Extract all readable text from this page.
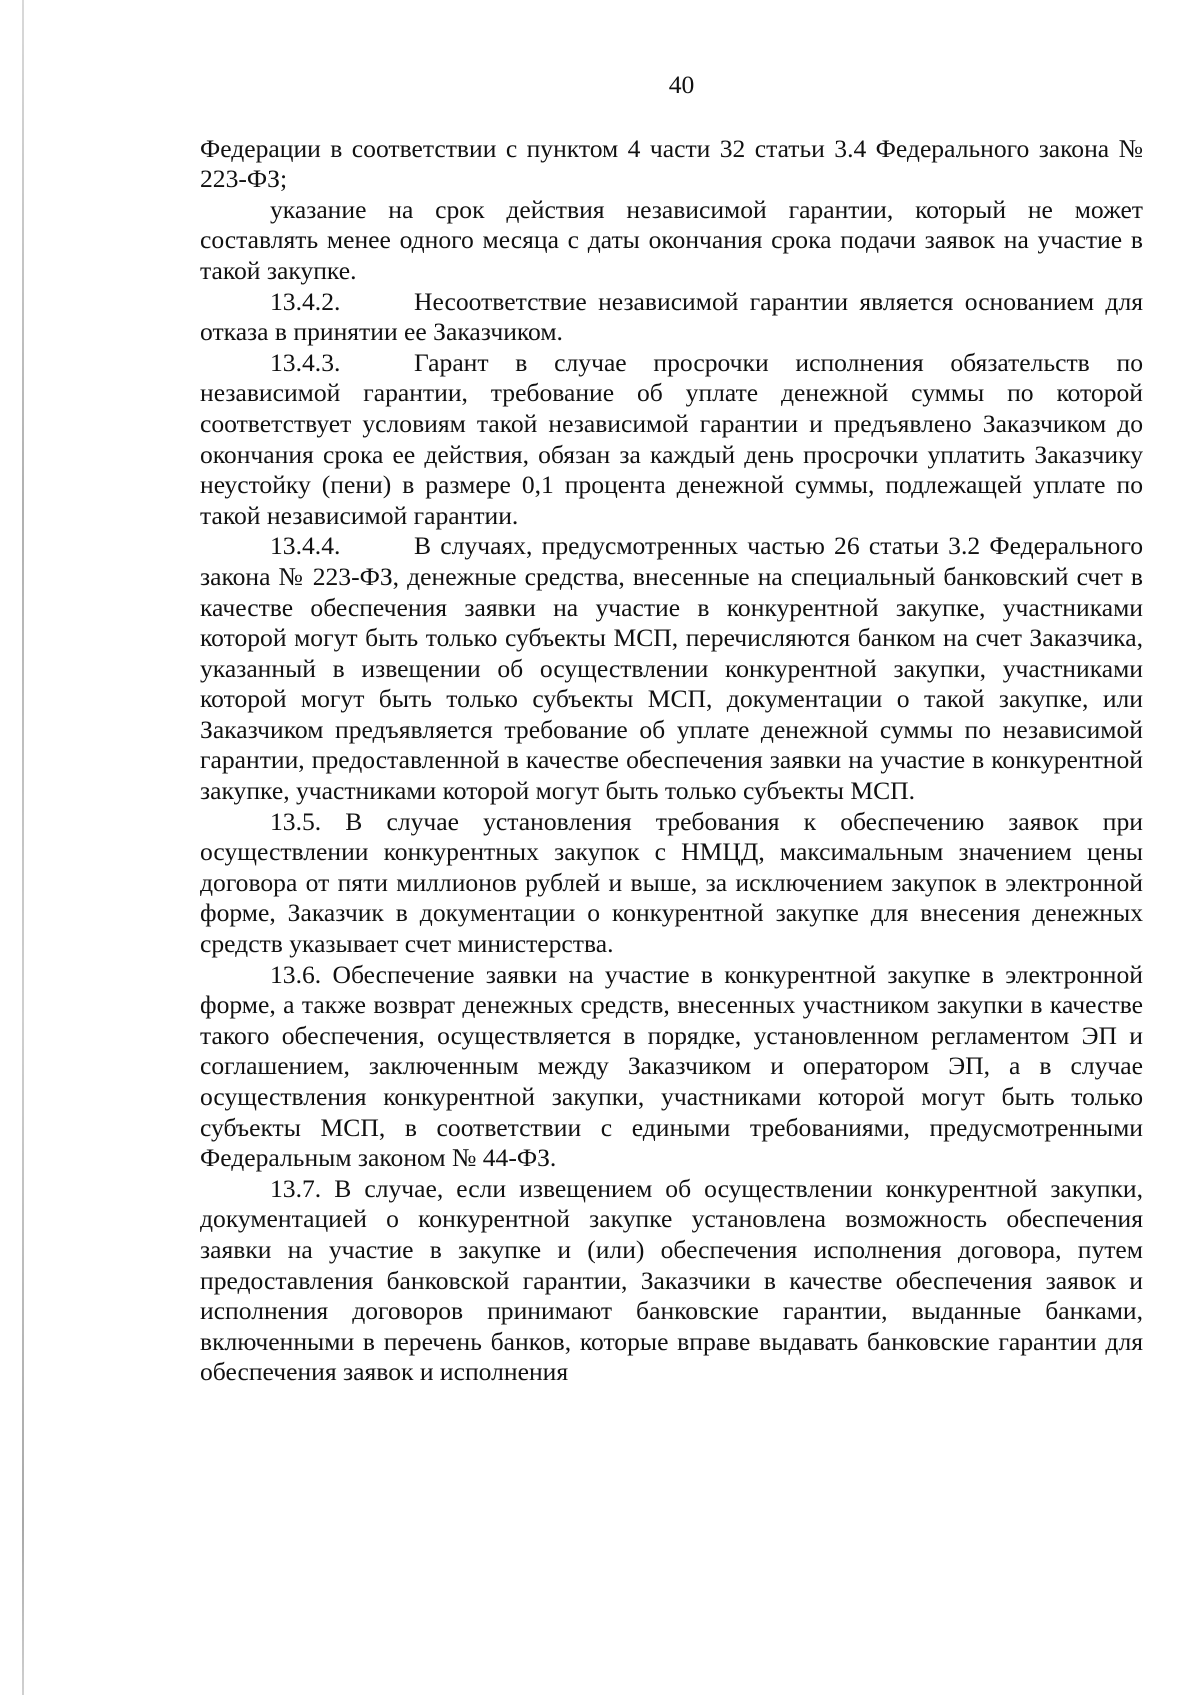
40

Федерации в соответствии с пунктом 4 части 32 статьи 3.4 Федерального закона № 223-ФЗ;

указание на срок действия независимой гарантии, который не может составлять менее одного месяца с даты окончания срока подачи заявок на участие в такой закупке.

13.4.2.	Несоответствие независимой гарантии является основанием для отказа в принятии ее Заказчиком.

13.4.3.	Гарант в случае просрочки исполнения обязательств по независимой гарантии, требование об уплате денежной суммы по которой соответствует условиям такой независимой гарантии и предъявлено Заказчиком до окончания срока ее действия, обязан за каждый день просрочки уплатить Заказчику неустойку (пени) в размере 0,1 процента денежной суммы, подлежащей уплате по такой независимой гарантии.

13.4.4.	В случаях, предусмотренных частью 26 статьи 3.2 Федерального закона № 223-ФЗ, денежные средства, внесенные на специальный банковский счет в качестве обеспечения заявки на участие в конкурентной закупке, участниками которой могут быть только субъекты МСП, перечисляются банком на счет Заказчика, указанный в извещении об осуществлении конкурентной закупки, участниками которой могут быть только субъекты МСП, документации о такой закупке, или Заказчиком предъявляется требование об уплате денежной суммы по независимой гарантии, предоставленной в качестве обеспечения заявки на участие в конкурентной закупке, участниками которой могут быть только субъекты МСП.

13.5. В случае установления требования к обеспечению заявок при осуществлении конкурентных закупок с НМЦД, максимальным значением цены договора от пяти миллионов рублей и выше, за исключением закупок в электронной форме, Заказчик в документации о конкурентной закупке для внесения денежных средств указывает счет министерства.

13.6. Обеспечение заявки на участие в конкурентной закупке в электронной форме, а также возврат денежных средств, внесенных участником закупки в качестве такого обеспечения, осуществляется в порядке, установленном регламентом ЭП и соглашением, заключенным между Заказчиком и оператором ЭП, а в случае осуществления конкурентной закупки, участниками которой могут быть только субъекты МСП, в соответствии с едиными требованиями, предусмотренными Федеральным законом № 44-ФЗ.

13.7. В случае, если извещением об осуществлении конкурентной закупки, документацией о конкурентной закупке установлена возможность обеспечения заявки на участие в закупке и (или) обеспечения исполнения договора, путем предоставления банковской гарантии, Заказчики в качестве обеспечения заявок и исполнения договоров принимают банковские гарантии, выданные банками, включенными в перечень банков, которые вправе выдавать банковские гарантии для обеспечения заявок и исполнения
